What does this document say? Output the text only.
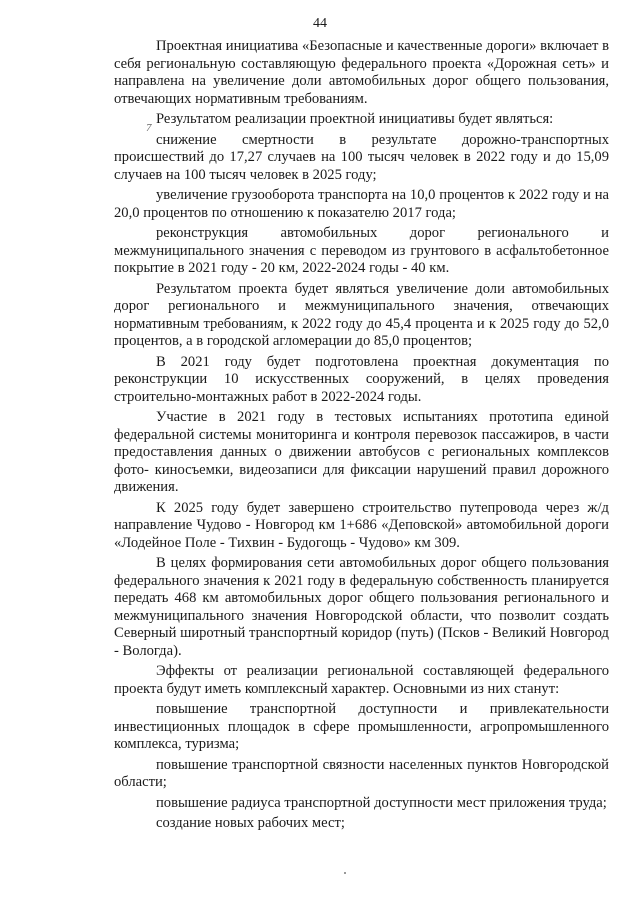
44
7

Проектная инициатива «Безопасные и качественные дороги» включает в себя региональную составляющую федерального проекта «Дорожная сеть» и направлена на увеличение доли автомобильных дорог общего пользования, отвечающих нормативным требованиям.

Результатом реализации проектной инициативы будет являться:

снижение смертности в результате дорожно-транспортных происшествий до 17,27 случаев на 100 тысяч человек в 2022 году и до 15,09 случаев на 100 тысяч человек в 2025 году;

увеличение грузооборота транспорта на 10,0 процентов к 2022 году и на 20,0 процентов по отношению к показателю 2017 года;

реконструкция автомобильных дорог регионального и межмуниципального значения с переводом из грунтового в асфальтобетонное покрытие в 2021 году - 20 км, 2022-2024 годы - 40 км.

Результатом проекта будет являться увеличение доли автомобильных дорог регионального и межмуниципального значения, отвечающих нормативным требованиям, к 2022 году до 45,4 процента и к 2025 году до 52,0 процентов, а в городской агломерации до 85,0 процентов;

В 2021 году будет подготовлена проектная документация по реконструкции 10 искусственных сооружений, в целях проведения строительно-монтажных работ в 2022-2024 годы.

Участие в 2021 году в тестовых испытаниях прототипа единой федеральной системы мониторинга и контроля перевозок пассажиров, в части предоставления данных о движении автобусов с региональных комплексов фото- киносъемки, видеозаписи для фиксации нарушений правил дорожного движения.

К 2025 году будет завершено строительство путепровода через ж/д направление Чудово - Новгород км 1+686 «Деповской» автомобильной дороги «Лодейное Поле - Тихвин - Будогощь - Чудово» км 309.

В целях формирования сети автомобильных дорог общего пользования федерального значения к 2021 году в федеральную собственность планируется передать 468 км автомобильных дорог общего пользования регионального и межмуниципального значения Новгородской области, что позволит создать Северный широтный транспортный коридор (путь) (Псков - Великий Новгород - Вологда).

Эффекты от реализации региональной составляющей федерального проекта будут иметь комплексный характер. Основными из них станут:

повышение транспортной доступности и привлекательности инвестиционных площадок в сфере промышленности, агропромышленного комплекса, туризма;

повышение транспортной связности населенных пунктов Новгородской области;

повышение радиуса транспортной доступности мест приложения труда;

создание новых рабочих мест;
